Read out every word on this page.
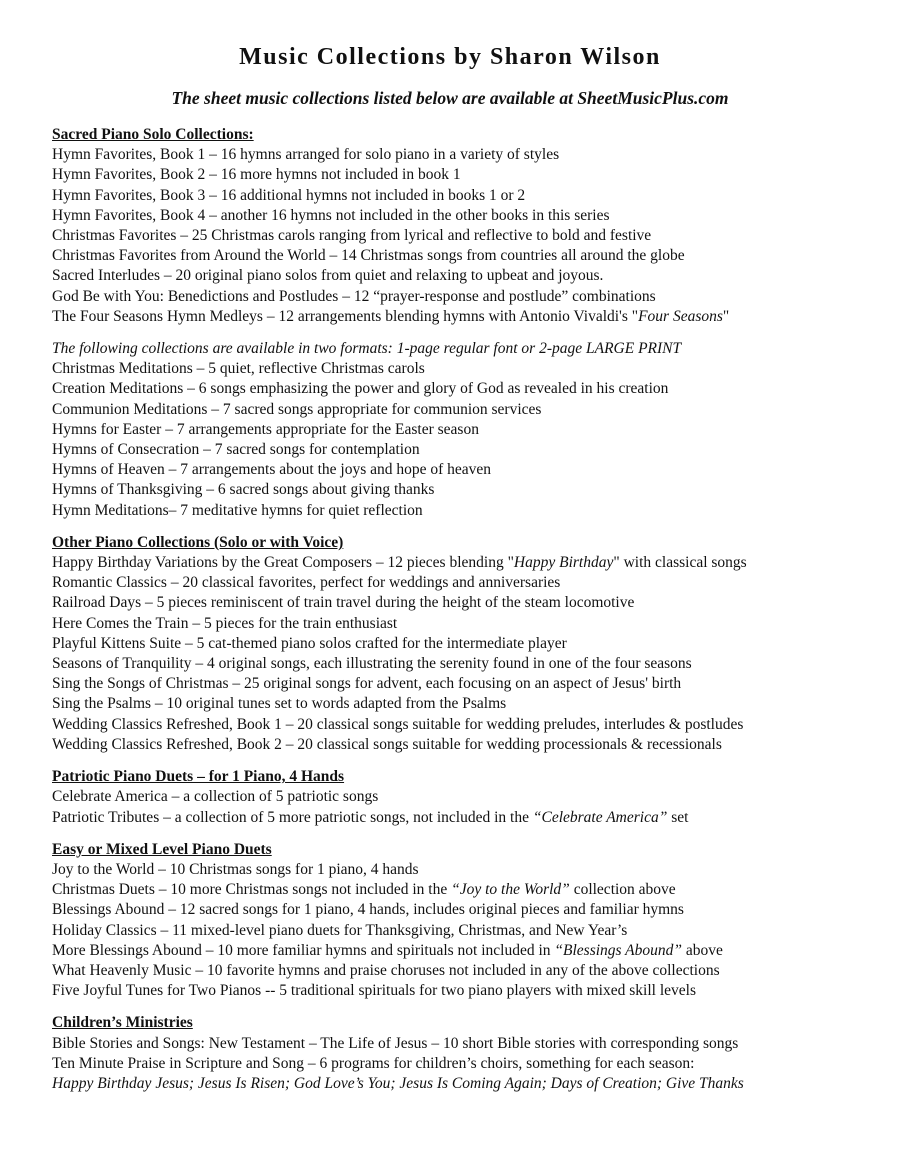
Music Collections by Sharon Wilson
The sheet music collections listed below are available at SheetMusicPlus.com
Sacred Piano Solo Collections:
Hymn Favorites, Book 1 – 16 hymns arranged for solo piano in a variety of styles
Hymn Favorites, Book 2 – 16 more hymns not included in book 1
Hymn Favorites, Book 3 – 16 additional hymns not included in books 1 or 2
Hymn Favorites, Book 4 – another 16 hymns not included in the other books in this series
Christmas Favorites – 25 Christmas carols ranging from lyrical and reflective to bold and festive
Christmas Favorites from Around the World – 14 Christmas songs from countries all around the globe
Sacred Interludes – 20 original piano solos from quiet and relaxing to upbeat and joyous.
God Be with You: Benedictions and Postludes – 12 “prayer-response and postlude” combinations
The Four Seasons Hymn Medleys – 12 arrangements blending hymns with Antonio Vivaldi's "Four Seasons"
The following collections are available in two formats: 1-page regular font or 2-page LARGE PRINT
Christmas Meditations – 5 quiet, reflective Christmas carols
Creation Meditations – 6 songs emphasizing the power and glory of God as revealed in his creation
Communion Meditations – 7 sacred songs appropriate for communion services
Hymns for Easter – 7 arrangements appropriate for the Easter season
Hymns of Consecration – 7 sacred songs for contemplation
Hymns of Heaven – 7 arrangements about the joys and hope of heaven
Hymns of Thanksgiving – 6 sacred songs about giving thanks
Hymn Meditations– 7 meditative hymns for quiet reflection
Other Piano Collections (Solo or with Voice)
Happy Birthday Variations by the Great Composers – 12 pieces blending "Happy Birthday" with classical songs
Romantic Classics – 20 classical favorites, perfect for weddings and anniversaries
Railroad Days – 5 pieces reminiscent of train travel during the height of the steam locomotive
Here Comes the Train – 5 pieces for the train enthusiast
Playful Kittens Suite – 5 cat-themed piano solos crafted for the intermediate player
Seasons of Tranquility – 4 original songs, each illustrating the serenity found in one of the four seasons
Sing the Songs of Christmas – 25 original songs for advent, each focusing on an aspect of Jesus' birth
Sing the Psalms – 10 original tunes set to words adapted from the Psalms
Wedding Classics Refreshed, Book 1 – 20 classical songs suitable for wedding preludes, interludes & postludes
Wedding Classics Refreshed, Book 2 – 20 classical songs suitable for wedding processionals & recessionals
Patriotic Piano Duets – for 1 Piano, 4 Hands
Celebrate America – a collection of 5 patriotic songs
Patriotic Tributes – a collection of 5 more patriotic songs, not included in the “Celebrate America” set
Easy or Mixed Level Piano Duets
Joy to the World – 10 Christmas songs for 1 piano, 4 hands
Christmas Duets – 10 more Christmas songs not included in the “Joy to the World” collection above
Blessings Abound – 12 sacred songs for 1 piano, 4 hands, includes original pieces and familiar hymns
Holiday Classics – 11 mixed-level piano duets for Thanksgiving, Christmas, and New Year’s
More Blessings Abound – 10 more familiar hymns and spirituals not included in “Blessings Abound” above
What Heavenly Music – 10 favorite hymns and praise choruses not included in any of the above collections
Five Joyful Tunes for Two Pianos -- 5 traditional spirituals for two piano players with mixed skill levels
Children’s Ministries
Bible Stories and Songs: New Testament – The Life of Jesus – 10 short Bible stories with corresponding songs
Ten Minute Praise in Scripture and Song – 6 programs for children’s choirs, something for each season:
Happy Birthday Jesus; Jesus Is Risen; God Love’s You; Jesus Is Coming Again; Days of Creation; Give Thanks
